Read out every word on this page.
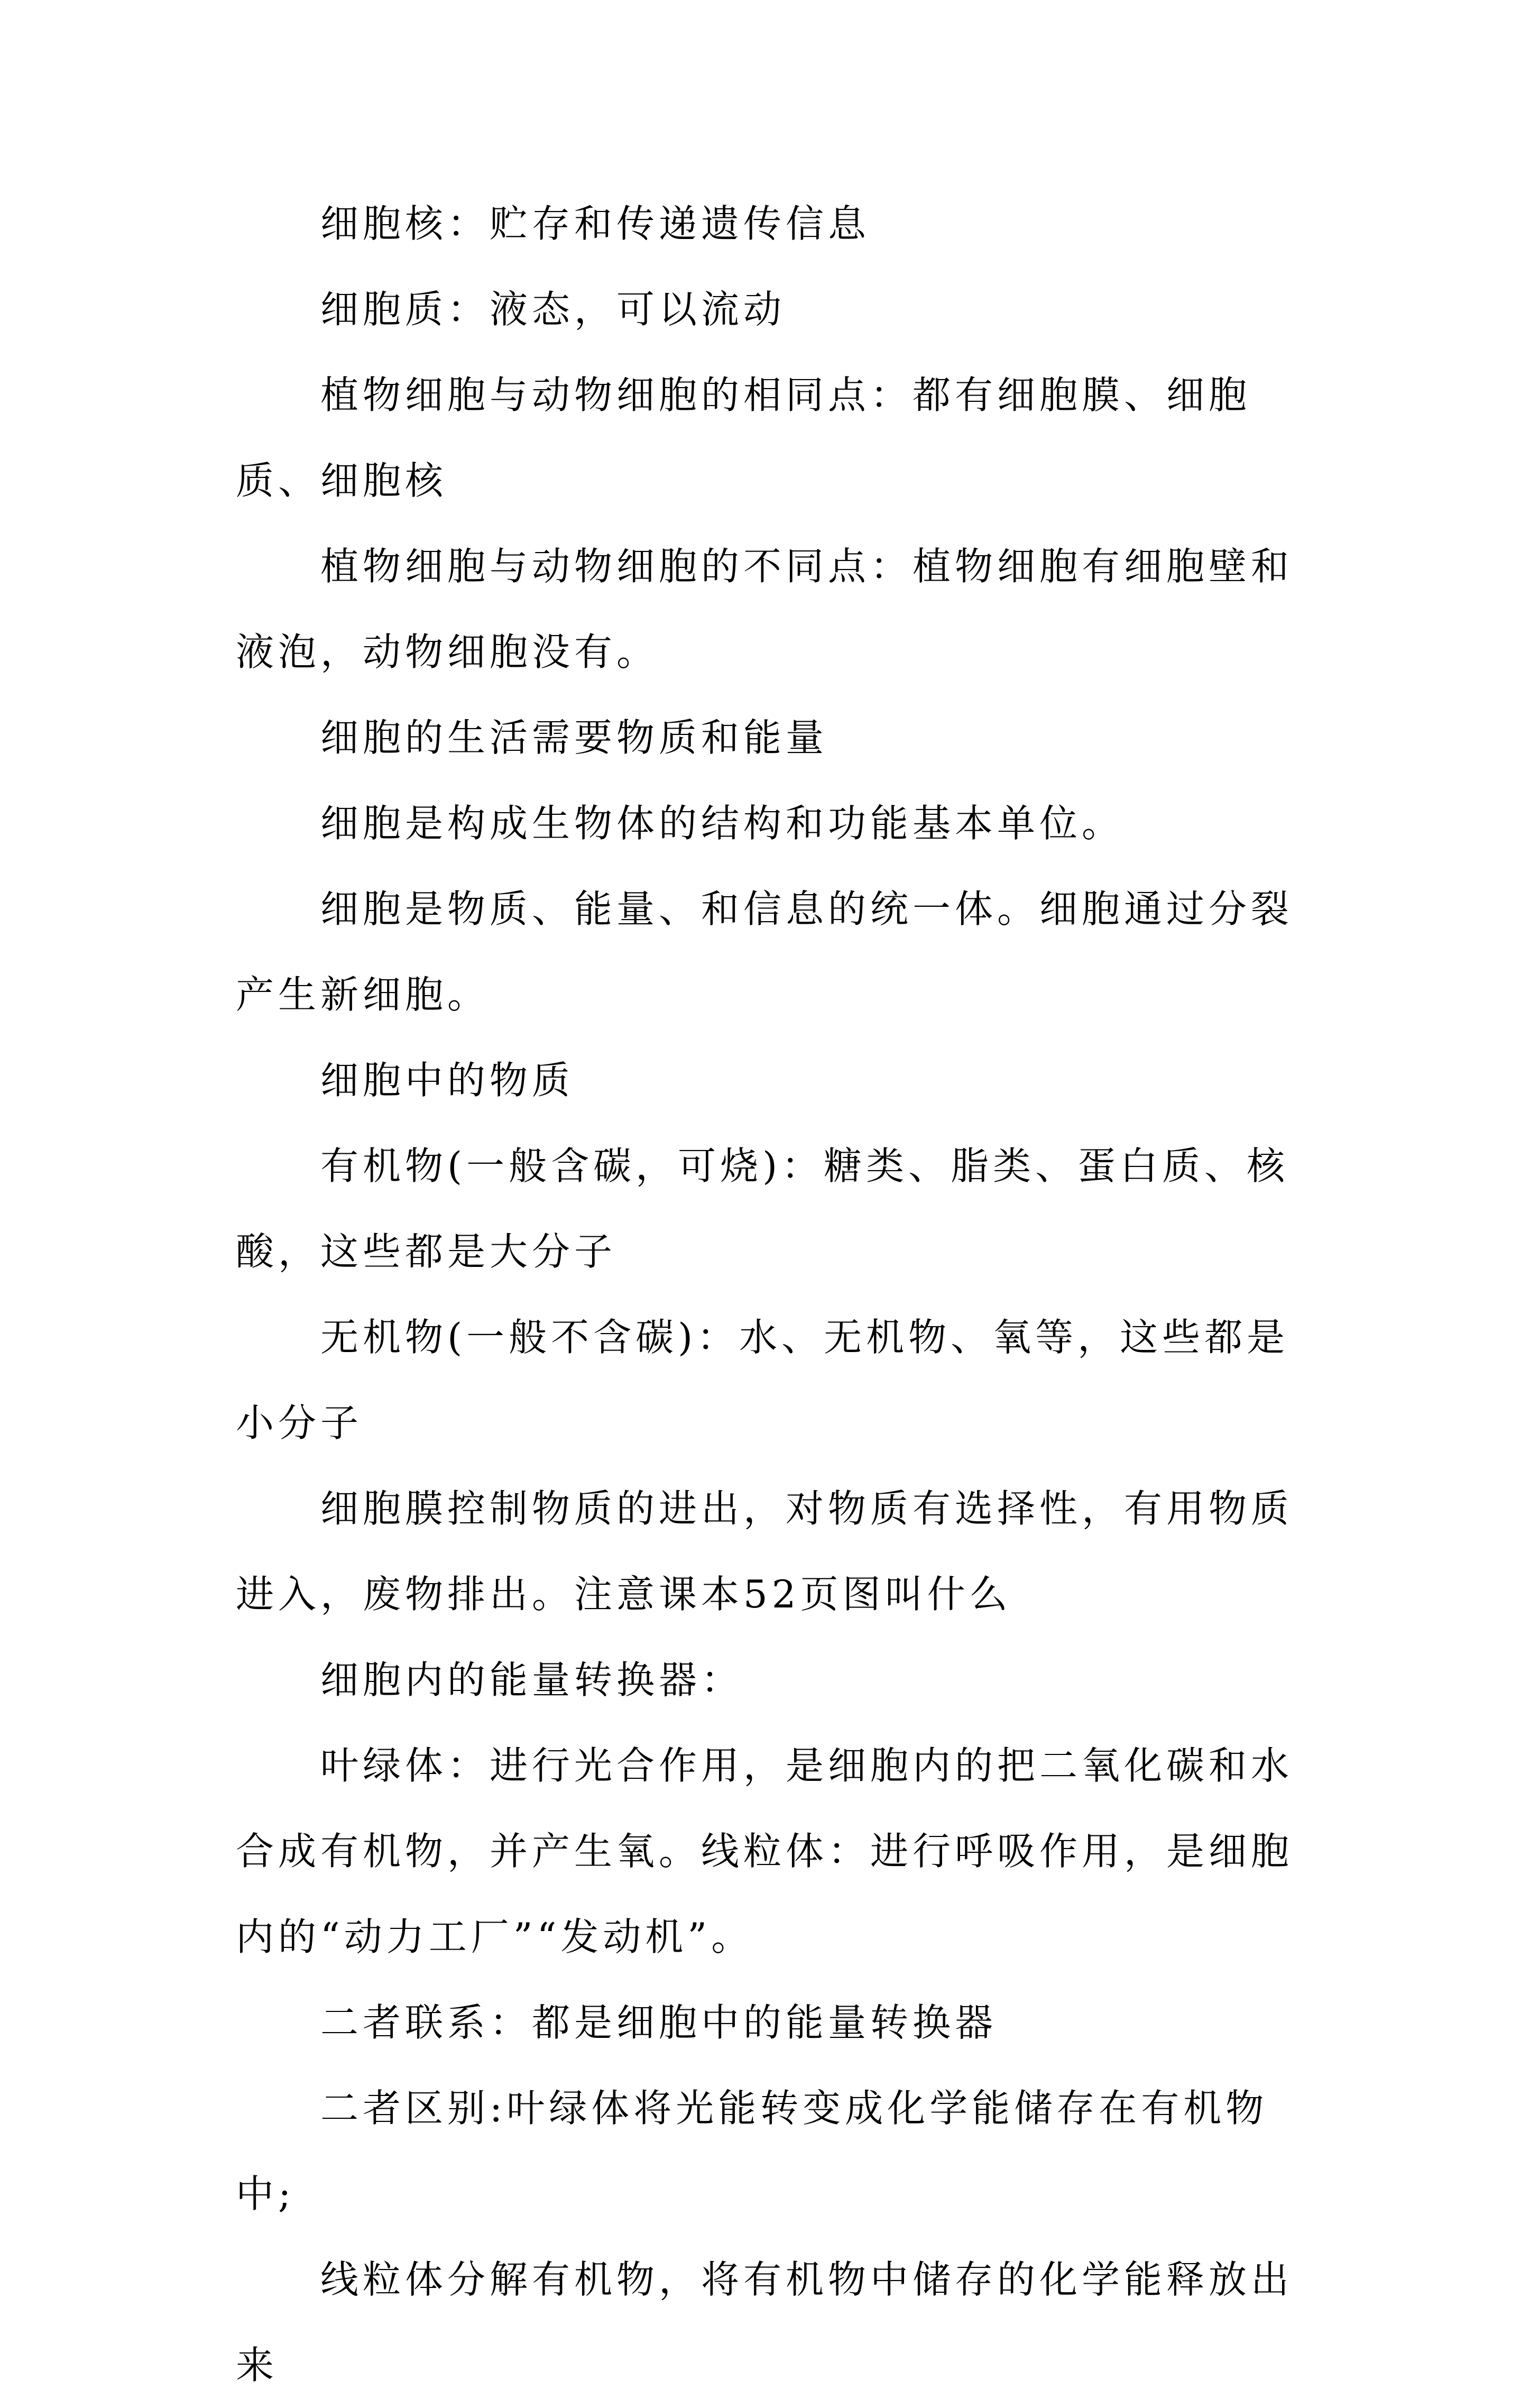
细胞核：贮存和传递遗传信息

细胞质：液态，可以流动

植物细胞与动物细胞的相同点：都有细胞膜、细胞质、细胞核

植物细胞与动物细胞的不同点：植物细胞有细胞壁和液泡，动物细胞没有。

细胞的生活需要物质和能量

细胞是构成生物体的结构和功能基本单位。

细胞是物质、能量、和信息的统一体。细胞通过分裂产生新细胞。

细胞中的物质

有机物(一般含碳，可烧)：糖类、脂类、蛋白质、核酸，这些都是大分子

无机物(一般不含碳)：水、无机物、氧等，这些都是小分子

细胞膜控制物质的进出，对物质有选择性，有用物质进入，废物排出。注意课本52页图叫什么

细胞内的能量转换器：

叶绿体：进行光合作用，是细胞内的把二氧化碳和水合成有机物，并产生氧。线粒体：进行呼吸作用，是细胞内的“动力工厂”“发动机”。

二者联系：都是细胞中的能量转换器

二者区别:叶绿体将光能转变成化学能储存在有机物中;

线粒体分解有机物，将有机物中储存的化学能释放出来
